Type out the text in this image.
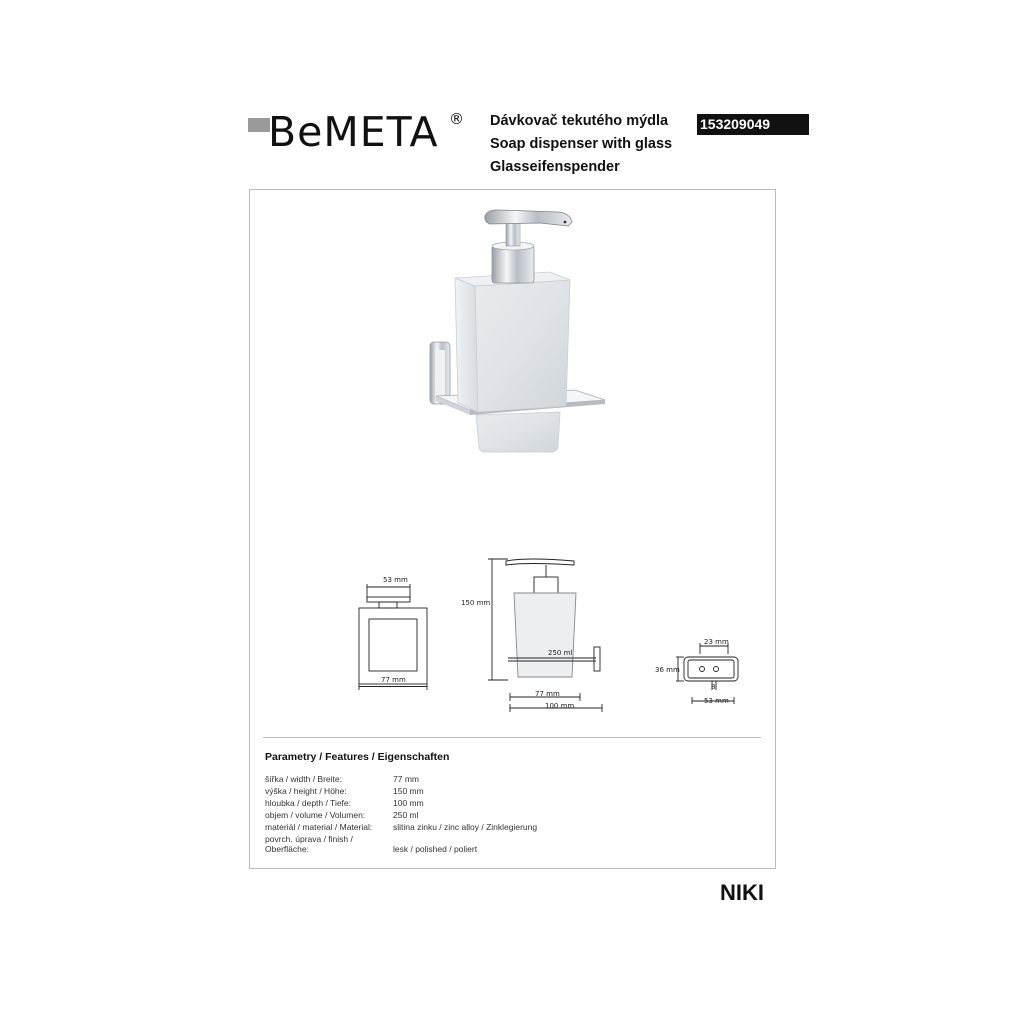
BeMETA ® Dávkovač tekutého mýdla
Soap dispenser with glass
Glasseifenspender
153209049
53 mm
77 mm
150 mm
250 ml
77 mm
100 mm
23 mm
36 mm
8
53 mm
Parametry / Features / Eigenschaften
šířka / width / Breite:	77 mm
výška / height / Höhe:	150 mm
hloubka / depth / Tiefe:	100 mm
objem / volume / Volumen:	250 ml
materiál / material / Material: slitina zinku / zinc alloy / Zinklegierung
povrch. úprava / finish / Oberfläche:	lesk / polished / poliert
NIKI
